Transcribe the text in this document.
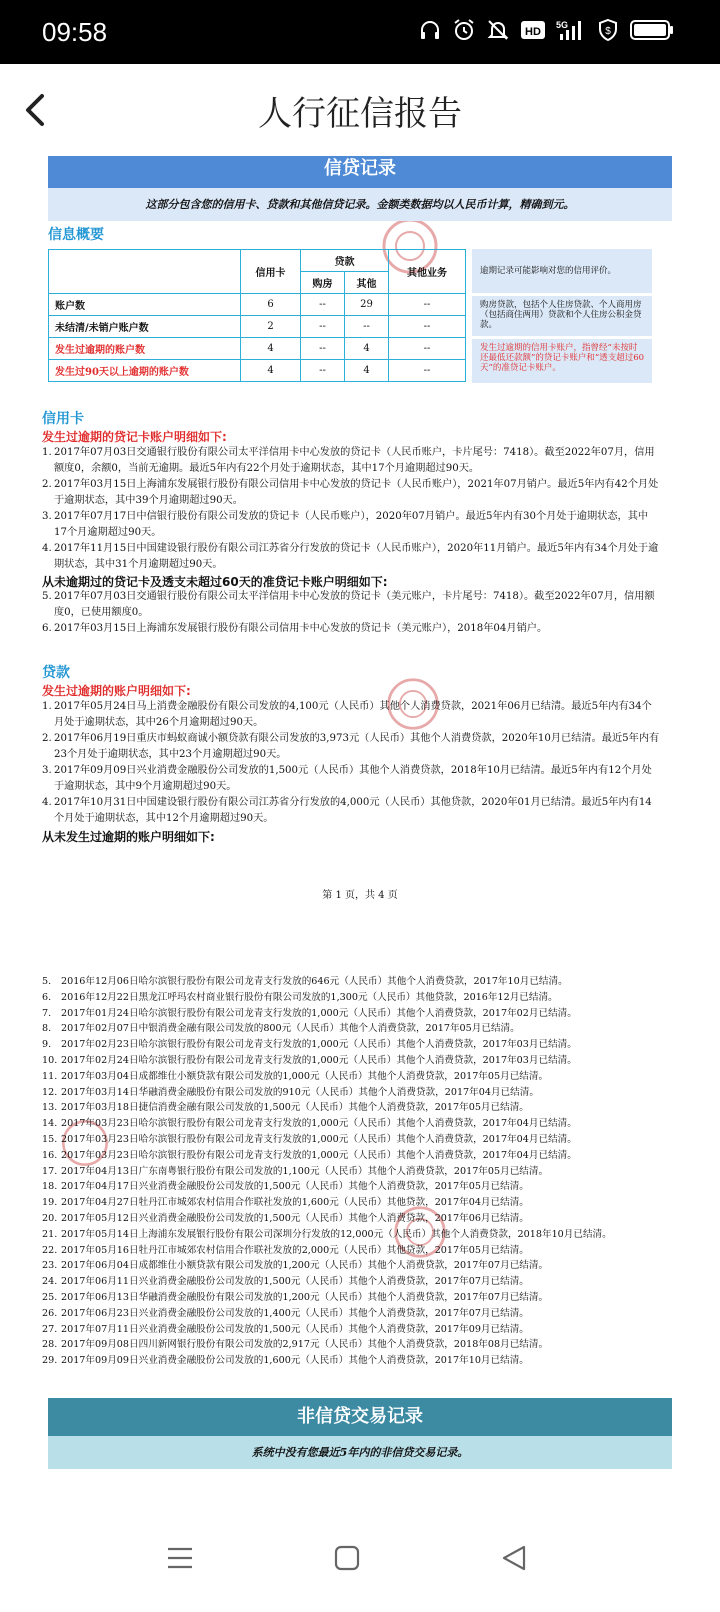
09:58	HD
5G
$
人行征信报告
信贷记录
这部分包含您的信用卡、贷款和其他信贷记录。金额类数据均以人民币计算，精确到元。
信息概要
	信用卡	贷款		其他业务
		购房	其他	
账户数	6	--	29	--
未结清/未销户账户数	2	--	--	--
发生过逾期的账户数	4	--	4	--
发生过90天以上逾期的账户数	4	--	4	--
逾期记录可能影响对您的信用评价。
购房贷款，包括个人住房贷款、个人商用房（包括商住两用）贷款和个人住房公积金贷款。
发生过逾期的信用卡账户，指曾经“未按时还最低还款额”的贷记卡账户和“透支超过60天”的准贷记卡账户。
信用卡
发生过逾期的贷记卡账户明细如下:
1. 2017年07月03日交通银行股份有限公司太平洋信用卡中心发放的贷记卡（人民币账户，卡片尾号：7418）。截至2022年07月，信用额度0，余额0，当前无逾期。最近5年内有22个月处于逾期状态，其中17个月逾期超过90天。
2. 2017年03月15日上海浦东发展银行股份有限公司信用卡中心发放的贷记卡（人民币账户），2021年07月销户。最近5年内有42个月处于逾期状态，其中39个月逾期超过90天。
3. 2017年07月17日中信银行股份有限公司发放的贷记卡（人民币账户），2020年07月销户。最近5年内有30个月处于逾期状态，其中17个月逾期超过90天。
4. 2017年11月15日中国建设银行股份有限公司江苏省分行发放的贷记卡（人民币账户），2020年11月销户。最近5年内有34个月处于逾期状态，其中31个月逾期超过90天。
从未逾期过的贷记卡及透支未超过60天的准贷记卡账户明细如下:
5. 2017年07月03日交通银行股份有限公司太平洋信用卡中心发放的贷记卡（美元账户，卡片尾号：7418）。截至2022年07月，信用额度0，已使用额度0。
6. 2017年03月15日上海浦东发展银行股份有限公司信用卡中心发放的贷记卡（美元账户），2018年04月销户。
贷款
发生过逾期的账户明细如下:
1. 2017年05月24日马上消费金融股份有限公司发放的4,100元（人民币）其他个人消费贷款，2021年06月已结清。最近5年内有34个月处于逾期状态，其中26个月逾期超过90天。
2. 2017年06月19日重庆市蚂蚁商诚小额贷款有限公司发放的3,973元（人民币）其他个人消费贷款，2020年10月已结清。最近5年内有23个月处于逾期状态，其中23个月逾期超过90天。
3. 2017年09月09日兴业消费金融股份公司发放的1,500元（人民币）其他个人消费贷款，2018年10月已结清。最近5年内有12个月处于逾期状态，其中9个月逾期超过90天。
4. 2017年10月31日中国建设银行股份有限公司江苏省分行发放的4,000元（人民币）其他贷款，2020年01月已结清。最近5年内有14个月处于逾期状态，其中12个月逾期超过90天。
从未发生过逾期的账户明细如下:
第 1 页，共 4 页
5.	2016年12月06日哈尔滨银行股份有限公司龙青支行发放的646元（人民币）其他个人消费贷款，2017年10月已结清。
6.	2016年12月22日黑龙江呼玛农村商业银行股份有限公司发放的1,300元（人民币）其他贷款，2016年12月已结清。
7.	2017年01月24日哈尔滨银行股份有限公司龙青支行发放的1,000元（人民币）其他个人消费贷款，2017年02月已结清。
8.	2017年02月07日中银消费金融有限公司发放的800元（人民币）其他个人消费贷款，2017年05月已结清。
9.	2017年02月23日哈尔滨银行股份有限公司龙青支行发放的1,000元（人民币）其他个人消费贷款，2017年03月已结清。
10. 2017年02月24日哈尔滨银行股份有限公司龙青支行发放的1,000元（人民币）其他个人消费贷款，2017年03月已结清。
11. 2017年03月04日成都维仕小额贷款有限公司发放的1,000元（人民币）其他个人消费贷款，2017年05月已结清。
12. 2017年03月14日华融消费金融股份有限公司发放的910元（人民币）其他个人消费贷款，2017年04月已结清。
13. 2017年03月18日捷信消费金融有限公司发放的1,500元（人民币）其他个人消费贷款，2017年05月已结清。
14. 2017年03月23日哈尔滨银行股份有限公司龙青支行发放的1,000元（人民币）其他个人消费贷款，2017年04月已结清。
15. 2017年03月23日哈尔滨银行股份有限公司龙青支行发放的1,000元（人民币）其他个人消费贷款，2017年04月已结清。
16. 2017年03月23日哈尔滨银行股份有限公司龙青支行发放的1,000元（人民币）其他个人消费贷款，2017年04月已结清。
17. 2017年04月13日广东南粤银行股份有限公司发放的1,100元（人民币）其他个人消费贷款，2017年05月已结清。
18. 2017年04月17日兴业消费金融股份公司发放的1,500元（人民币）其他个人消费贷款，2017年05月已结清。
19. 2017年04月27日牡丹江市城郊农村信用合作联社发放的1,600元（人民币）其他贷款，2017年04月已结清。
20. 2017年05月12日兴业消费金融股份公司发放的1,500元（人民币）其他个人消费贷款，2017年06月已结清。
21. 2017年05月14日上海浦东发展银行股份有限公司深圳分行发放的12,000元（人民币）其他个人消费贷款，2018年10月已结清。
22. 2017年05月16日牡丹江市城郊农村信用合作联社发放的2,000元（人民币）其他贷款，2017年05月已结清。
23. 2017年06月04日成都维仕小额贷款有限公司发放的1,200元（人民币）其他个人消费贷款，2017年07月已结清。
24. 2017年06月11日兴业消费金融股份公司发放的1,500元（人民币）其他个人消费贷款，2017年07月已结清。
25. 2017年06月13日华融消费金融股份有限公司发放的1,200元（人民币）其他个人消费贷款，2017年07月已结清。
26. 2017年06月23日兴业消费金融股份公司发放的1,400元（人民币）其他个人消费贷款，2017年07月已结清。
27. 2017年07月11日兴业消费金融股份公司发放的1,500元（人民币）其他个人消费贷款，2017年09月已结清。
28. 2017年09月08日四川新网银行股份有限公司发放的2,917元（人民币）其他个人消费贷款，2018年08月已结清。
29. 2017年09月09日兴业消费金融股份公司发放的1,600元（人民币）其他个人消费贷款，2017年10月已结清。
非信贷交易记录
系统中没有您最近5年内的非信贷交易记录。
